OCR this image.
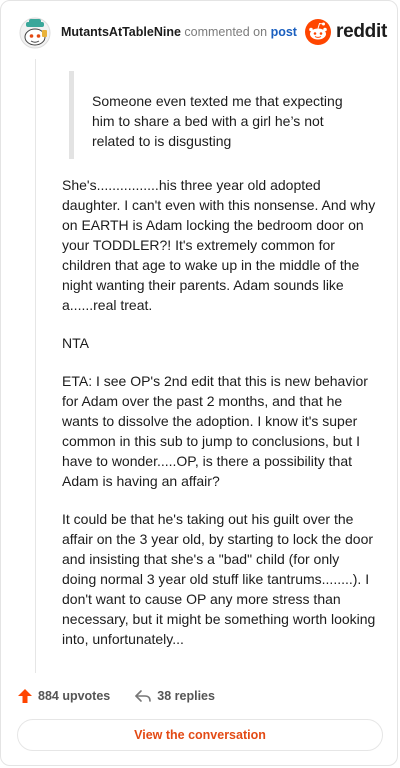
MutantsAtTableNine commented on post reddit
Someone even texted me that expecting him to share a bed with a girl he’s not related to is disgusting

She's................his three year old adopted daughter. I can't even with this nonsense. And why on EARTH is Adam locking the bedroom door on your TODDLER?! It's extremely common for children that age to wake up in the middle of the night wanting their parents. Adam sounds like a......real treat.

NTA

ETA: I see OP's 2nd edit that this is new behavior for Adam over the past 2 months, and that he wants to dissolve the adoption. I know it's super common in this sub to jump to conclusions, but I have to wonder.....OP, is there a possibility that Adam is having an affair?

It could be that he's taking out his guilt over the affair on the 3 year old, by starting to lock the door and insisting that she's a "bad" child (for only doing normal 3 year old stuff like tantrums........). I don't want to cause OP any more stress than necessary, but it might be something worth looking into, unfortunately...

884 upvotes	38 replies
View the conversation
